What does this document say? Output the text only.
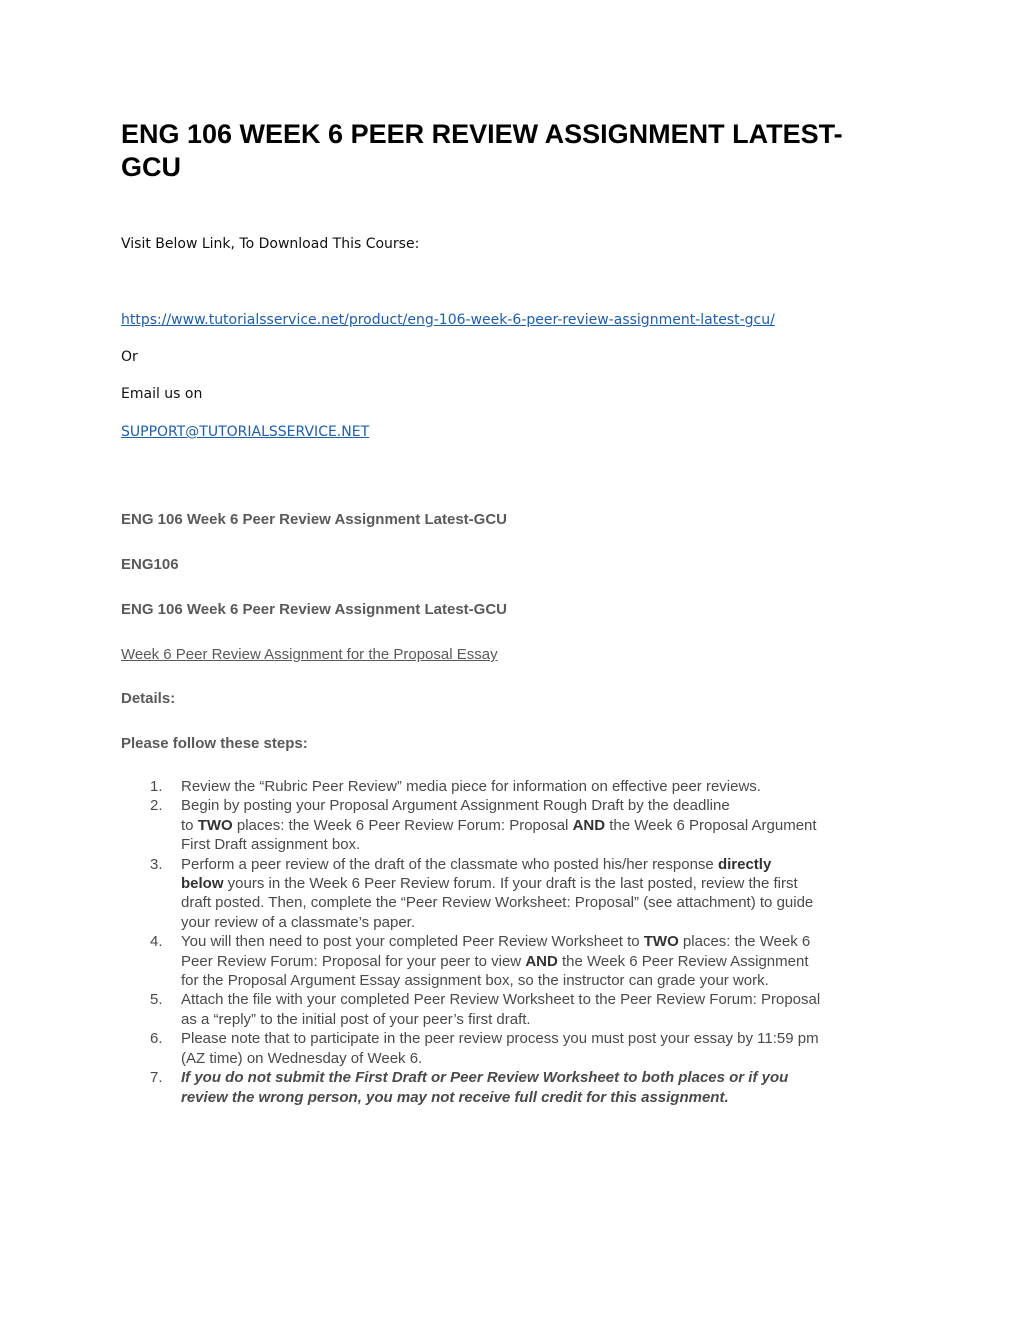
ENG 106 WEEK 6 PEER REVIEW ASSIGNMENT LATEST-GCU

Visit Below Link, To Download This Course:

https://www.tutorialsservice.net/product/eng-106-week-6-peer-review-assignment-latest-gcu/

Or

Email us on

SUPPORT@TUTORIALSSERVICE.NET

ENG 106 Week 6 Peer Review Assignment Latest-GCU

ENG106

ENG 106 Week 6 Peer Review Assignment Latest-GCU

Week 6 Peer Review Assignment for the Proposal Essay

Details:

Please follow these steps:

1. Review the “Rubric Peer Review” media piece for information on effective peer reviews.
2. Begin by posting your Proposal Argument Assignment Rough Draft by the deadline
to TWO places: the Week 6 Peer Review Forum: Proposal AND the Week 6 Proposal Argument
First Draft assignment box.
3. Perform a peer review of the draft of the classmate who posted his/her response directly
below yours in the Week 6 Peer Review forum. If your draft is the last posted, review the first
draft posted. Then, complete the “Peer Review Worksheet: Proposal” (see attachment) to guide
your review of a classmate’s paper.
4. You will then need to post your completed Peer Review Worksheet to TWO places: the Week 6
Peer Review Forum: Proposal for your peer to view AND the Week 6 Peer Review Assignment
for the Proposal Argument Essay assignment box, so the instructor can grade your work.
5. Attach the file with your completed Peer Review Worksheet to the Peer Review Forum: Proposal
as a “reply” to the initial post of your peer’s first draft.
6. Please note that to participate in the peer review process you must post your essay by 11:59 pm
(AZ time) on Wednesday of Week 6.
7. If you do not submit the First Draft or Peer Review Worksheet to both places or if you
review the wrong person, you may not receive full credit for this assignment.
